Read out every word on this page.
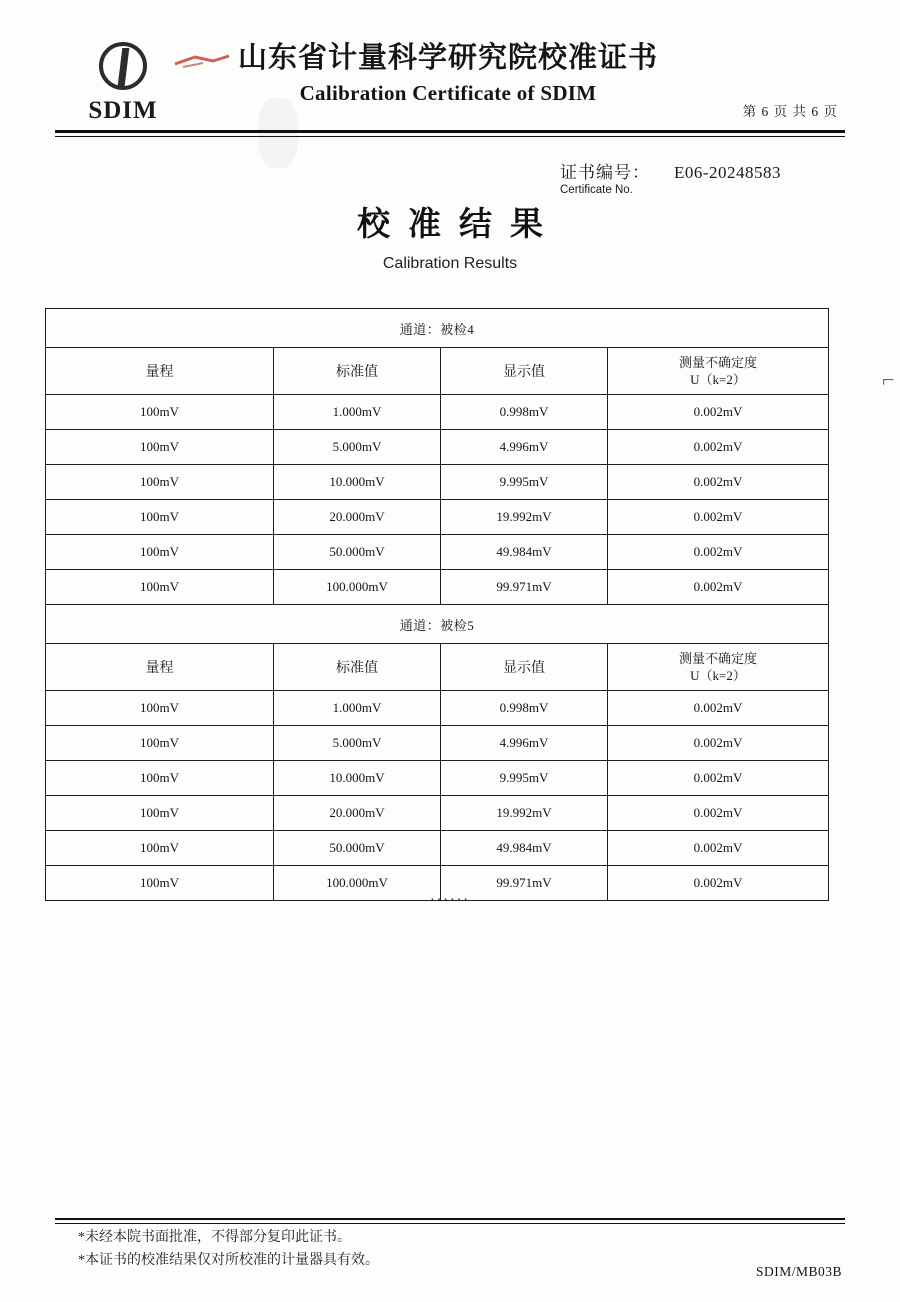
SDIM
山东省计量科学研究院校准证书
Calibration Certificate of SDIM
第 6 页 共 6 页
证书编号： E06-20248583
Certificate No.
校准结果
Calibration Results
通道：被检4			
量程	标准值	显示值	测量不确定度
U（k=2）

100mV	1.000mV	0.998mV	0.002mV
100mV	5.000mV	4.996mV	0.002mV
100mV	10.000mV	9.995mV	0.002mV
100mV	20.000mV	19.992mV	0.002mV
100mV	50.000mV	49.984mV	0.002mV
100mV	100.000mV	99.971mV	0.002mV
通道：被检5			
量程	标准值	显示值	测量不确定度
U（k=2）

100mV	1.000mV	0.998mV	0.002mV
100mV	5.000mV	4.996mV	0.002mV
100mV	10.000mV	9.995mV	0.002mV
100mV	20.000mV	19.992mV	0.002mV
100mV	50.000mV	49.984mV	0.002mV
100mV	100.000mV	99.971mV	0.002mV
······
⌐
*未经本院书面批准，不得部分复印此证书。
*本证书的校准结果仅对所校准的计量器具有效。
SDIM/MB03B
